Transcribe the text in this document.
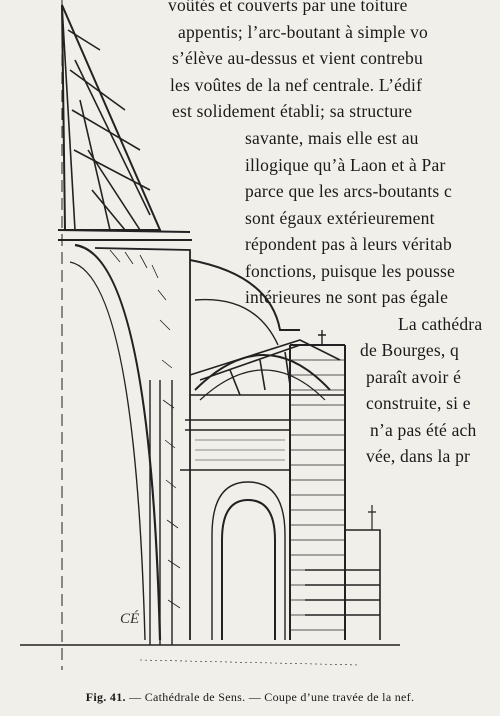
CÉ
voûtés et couverts par une toiture
appentis; l’arc-boutant à simple vo
s’élève au-dessus et vient contrebu
les voûtes de la nef centrale. L’édif
est solidement établi; sa structure
savante, mais elle est au
illogique qu’à Laon et à Par
parce que les arcs-boutants c
sont égaux extérieurement
répondent pas à leurs véritab
fonctions, puisque les pousse
intérieures ne sont pas égale
La cathédra
de Bourges, q
paraît avoir é
construite, si e
n’a pas été ach
vée, dans la pr
Fig. 41. — Cathédrale de Sens. — Coupe d’une travée de la nef.
